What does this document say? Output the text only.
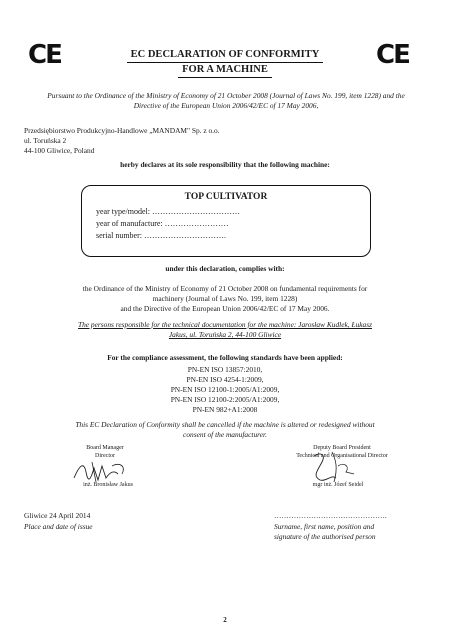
CE	CE
EC DECLARATION OF CONFORMITY
FOR A MACHINE
Pursuant to the Ordinance of the Ministry of Economy of 21 October 2008 (Journal of Laws No. 199, item 1228) and the Directive of the European Union 2006/42/EC of 17 May 2006,
Przedsiębiorstwo Produkcyjno-Handlowe „MANDAM" Sp. z o.o.
ul. Toruńska 2
44-100 Gliwice, Poland
herby declares at its sole responsibility that the following machine:
TOP CULTIVATOR
year type/model: ……………………………
year of manufacture: ……………………
serial number: ………………………….
under this declaration, complies with:
the Ordinance of the Ministry of Economy of 21 October 2008 on fundamental requirements for
machinery (Journal of Laws No. 199, item 1228)
and the Directive of the European Union 2006/42/EC of 17 May 2006.
The persons responsible for the technical documentation for the machine: Jarosław Kudlek, Łukasz
Jakus, ul. Toruńska 2, 44-100 Gliwice
For the compliance assessment, the following standards have been applied:
PN-EN ISO 13857:2010,
PN-EN ISO 4254-1:2009,
PN-EN ISO 12100-1:2005/A1:2009,
PN-EN ISO 12100-2:2005/A1:2009,
PN-EN 982+A1:2008
This EC Declaration of Conformity shall be cancelled if the machine is altered or redesigned without
consent of the manufacturer.
Board Manager
Director
inż. Bronisław Jakus
Deputy Board President
Technical and Organisational Director
mgr inż. Józef Seidel
Gliwice 24 April 2014
Place and date of issue
……………………………………….
Surname, first name, position and
signature of the authorised person
2
